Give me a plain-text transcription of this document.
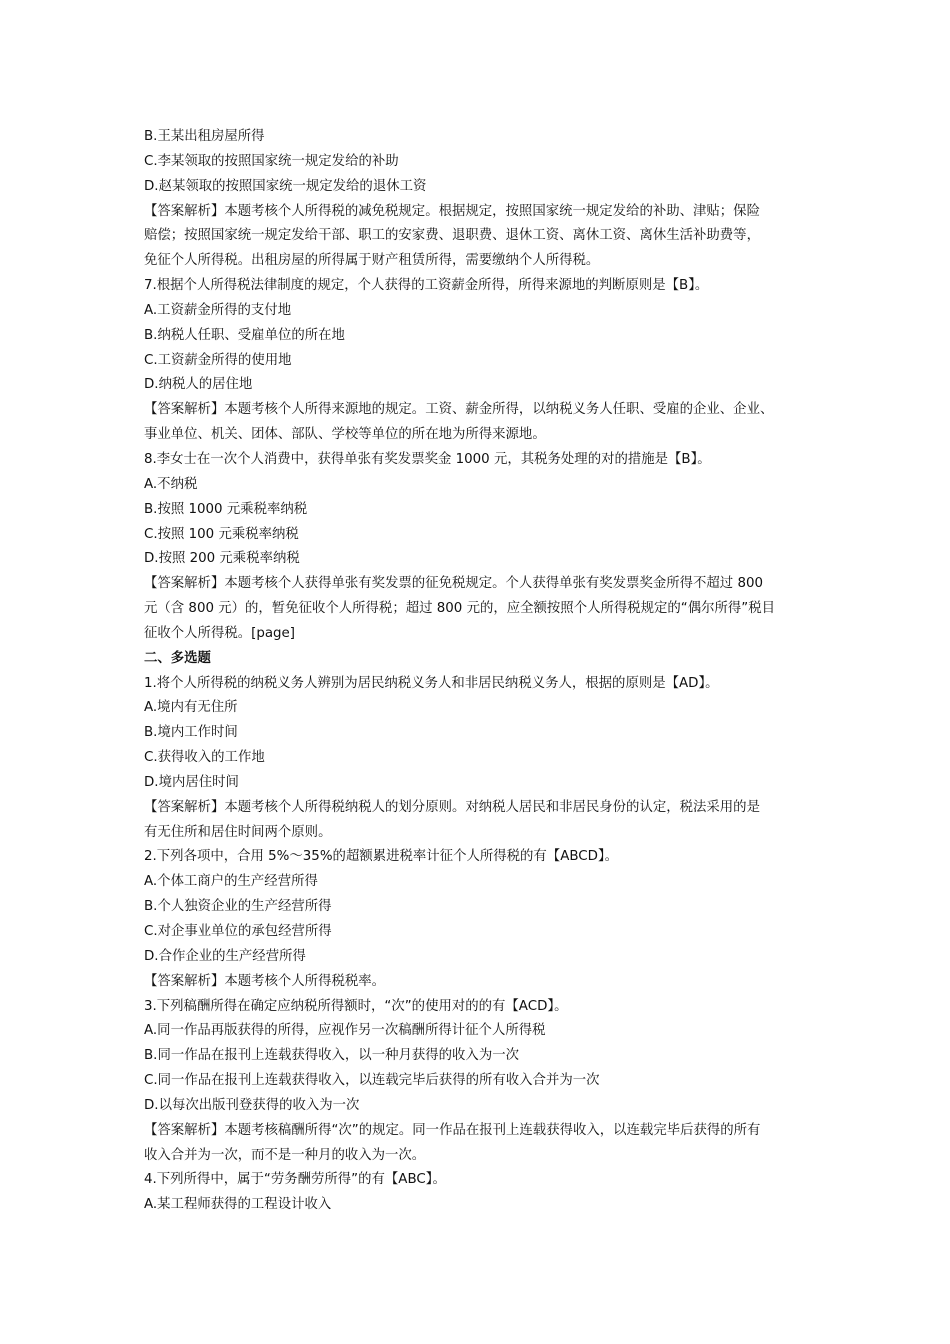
B.王某出租房屋所得
C.李某领取的按照国家统一规定发给的补助
D.赵某领取的按照国家统一规定发给的退休工资
【答案解析】本题考核个人所得税的减免税规定。根据规定，按照国家统一规定发给的补助、津贴；保险
赔偿；按照国家统一规定发给干部、职工的安家费、退职费、退休工资、离休工资、离休生活补助费等，
免征个人所得税。出租房屋的所得属于财产租赁所得，需要缴纳个人所得税。
7.根据个人所得税法律制度的规定，个人获得的工资薪金所得，所得来源地的判断原则是【B】。
A.工资薪金所得的支付地
B.纳税人任职、受雇单位的所在地
C.工资薪金所得的使用地
D.纳税人的居住地
【答案解析】本题考核个人所得来源地的规定。工资、薪金所得，以纳税义务人任职、受雇的企业、企业、
事业单位、机关、团体、部队、学校等单位的所在地为所得来源地。
8.李女士在一次个人消费中，获得单张有奖发票奖金 1000 元，其税务处理的对的措施是【B】。
A.不纳税
B.按照 1000 元乘税率纳税
C.按照 100 元乘税率纳税
D.按照 200 元乘税率纳税
【答案解析】本题考核个人获得单张有奖发票的征免税规定。个人获得单张有奖发票奖金所得不超过 800
元（含 800 元）的，暂免征收个人所得税；超过 800 元的，应全额按照个人所得税规定的“偶尔所得”税目
征收个人所得税。[page]
二、多选题
1.将个人所得税的纳税义务人辨别为居民纳税义务人和非居民纳税义务人，根据的原则是【AD】。
A.境内有无住所
B.境内工作时间
C.获得收入的工作地
D.境内居住时间
【答案解析】本题考核个人所得税纳税人的划分原则。对纳税人居民和非居民身份的认定，税法采用的是
有无住所和居住时间两个原则。
2.下列各项中，合用 5%～35%的超额累进税率计征个人所得税的有【ABCD】。
A.个体工商户的生产经营所得
B.个人独资企业的生产经营所得
C.对企事业单位的承包经营所得
D.合作企业的生产经营所得
【答案解析】本题考核个人所得税税率。
3.下列稿酬所得在确定应纳税所得额时，“次”的使用对的的有【ACD】。
A.同一作品再版获得的所得，应视作另一次稿酬所得计征个人所得税
B.同一作品在报刊上连载获得收入，以一种月获得的收入为一次
C.同一作品在报刊上连载获得收入，以连载完毕后获得的所有收入合并为一次
D.以每次出版刊登获得的收入为一次
【答案解析】本题考核稿酬所得“次”的规定。同一作品在报刊上连载获得收入，以连载完毕后获得的所有
收入合并为一次，而不是一种月的收入为一次。
4.下列所得中，属于“劳务酬劳所得”的有【ABC】。
A.某工程师获得的工程设计收入
